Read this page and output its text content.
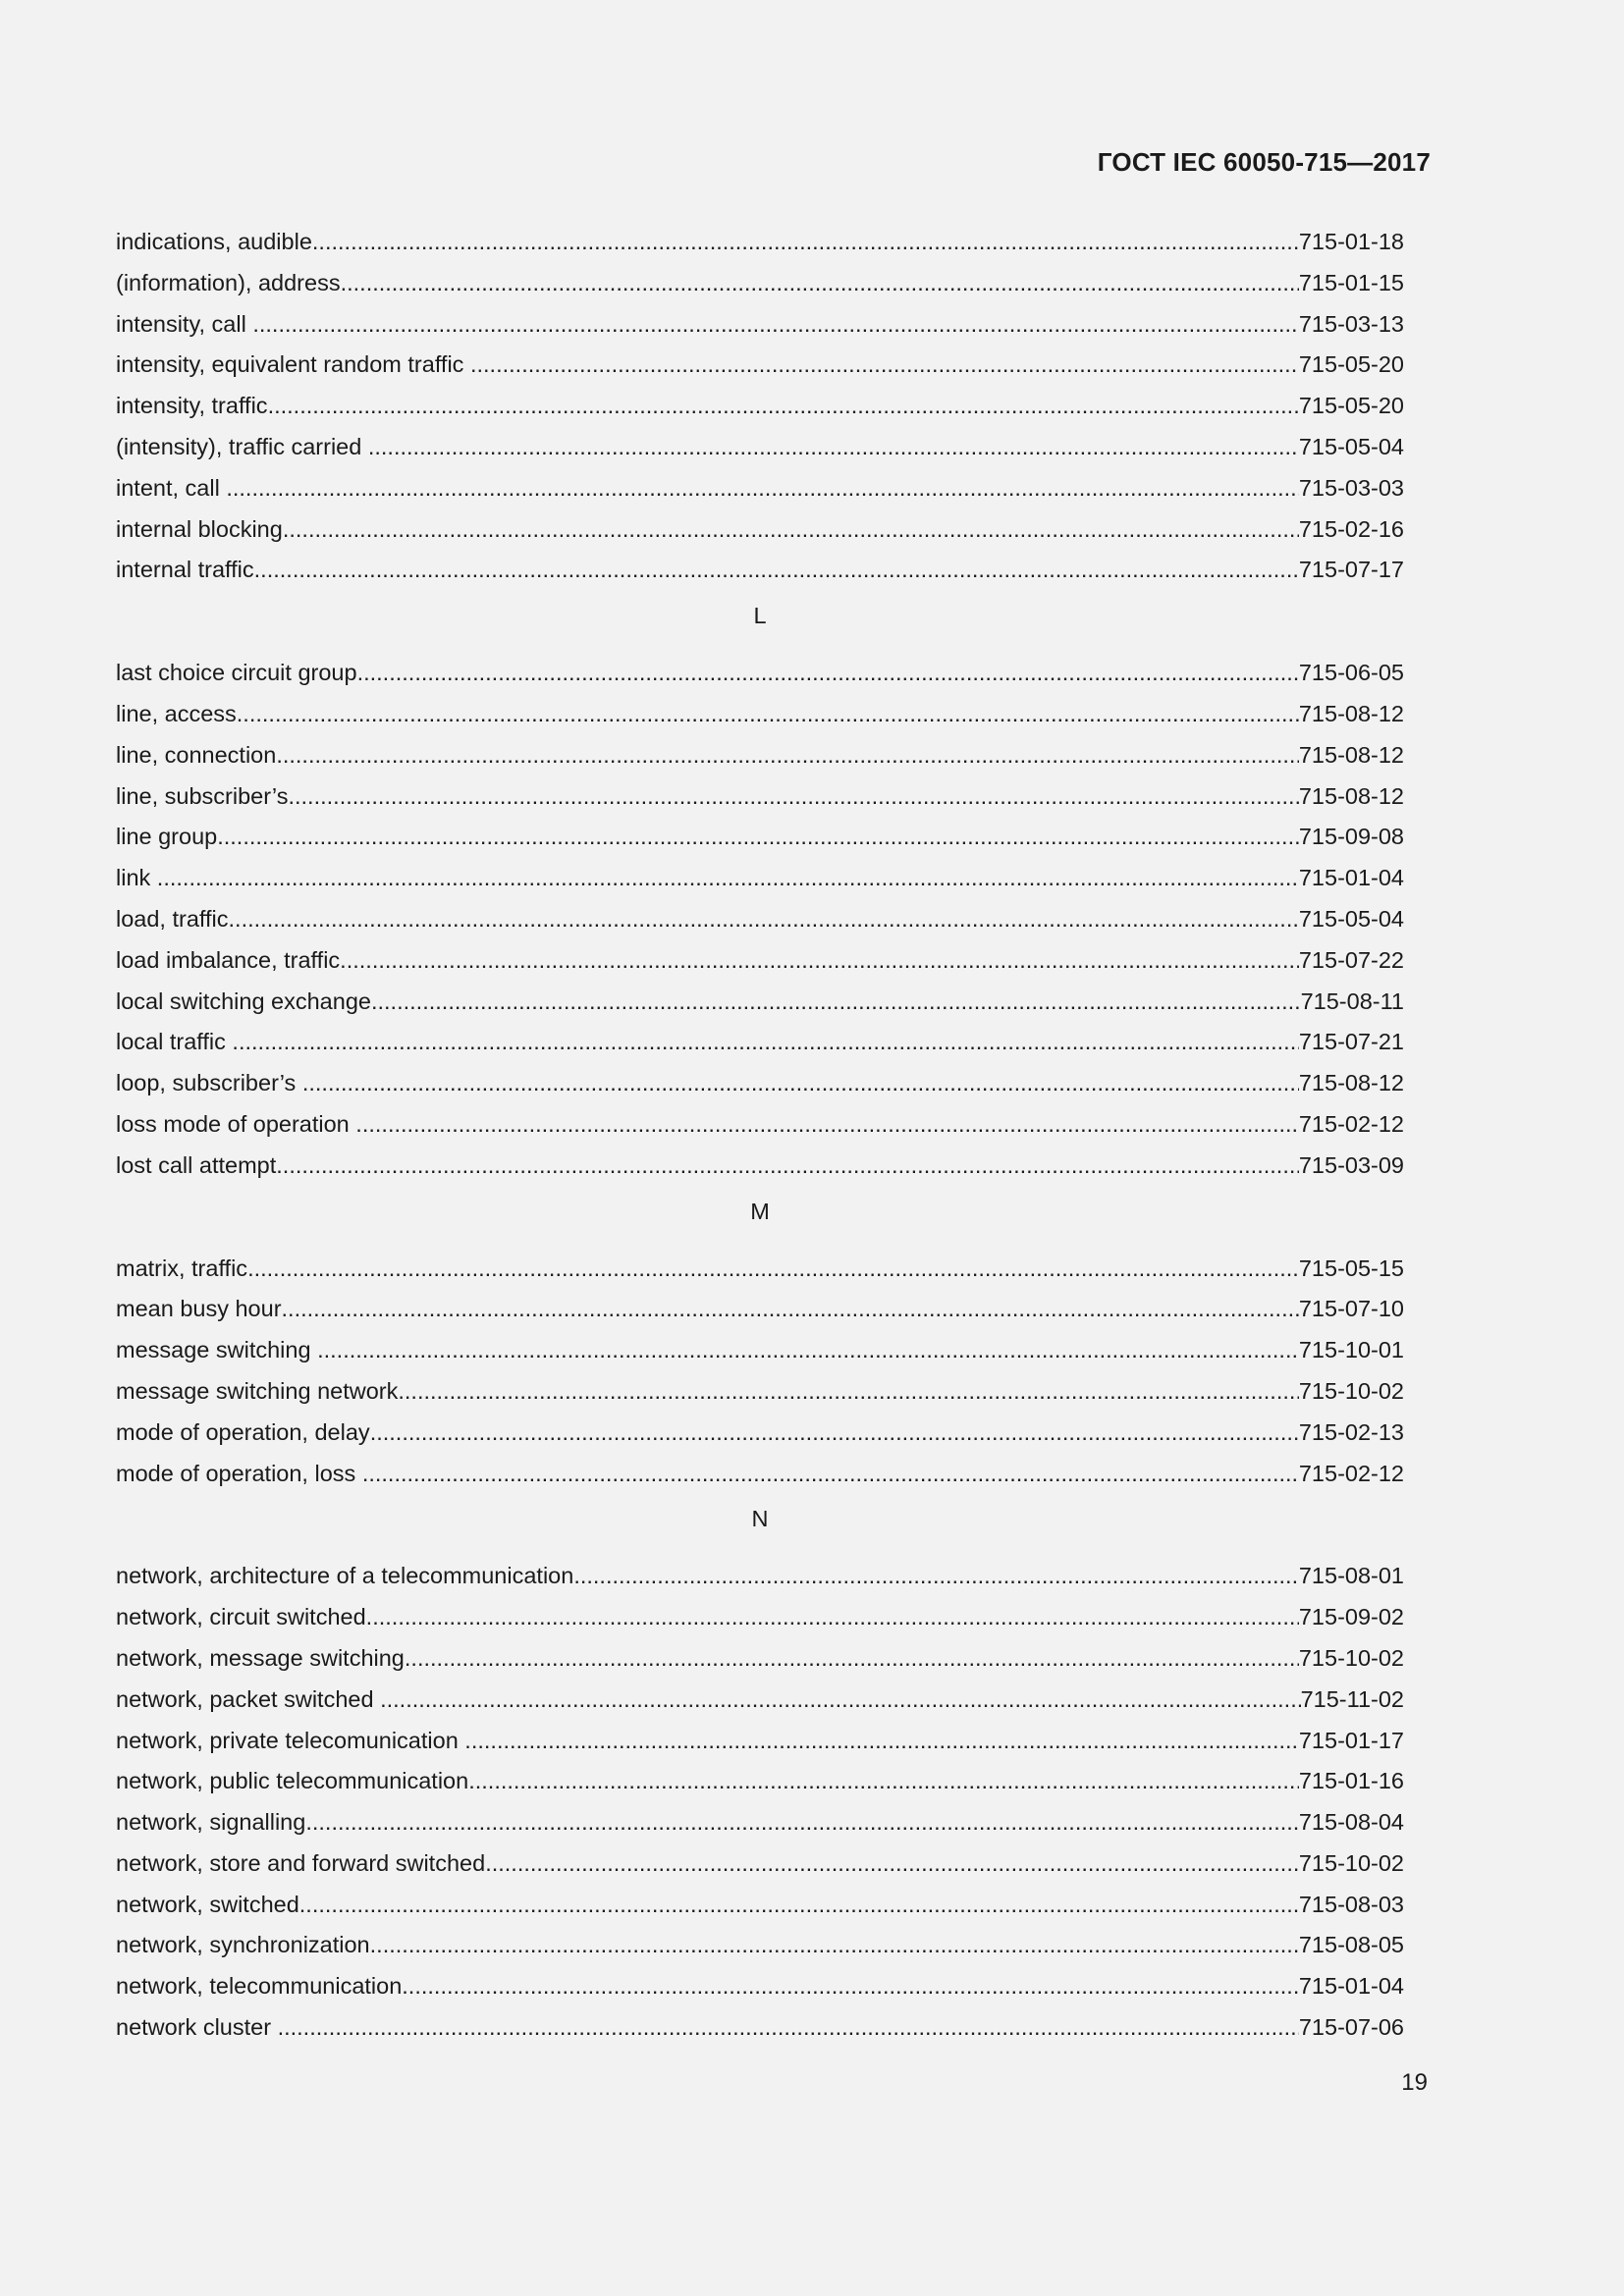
ГОСТ IEC 60050-715—2017
indications, audible .....	715-01-18
(information), address .....	715-01-15
intensity, call .....	715-03-13
intensity, equivalent random traffic .....	715-05-20
intensity, traffic .....	715-05-20
(intensity), traffic carried .....	715-05-04
intent, call .....	715-03-03
internal blocking .....	715-02-16
internal traffic .....	715-07-17
L
last choice circuit group .....	715-06-05
line, access .....	715-08-12
line, connection .....	715-08-12
line, subscriber’s .....	715-08-12
line group .....	715-09-08
link .....	715-01-04
load, traffic .....	715-05-04
load imbalance, traffic .....	715-07-22
local switching exchange .....	715-08-11
local traffic .....	715-07-21
loop, subscriber’s .....	715-08-12
loss mode of operation .....	715-02-12
lost call attempt .....	715-03-09
M
matrix, traffic .....	715-05-15
mean busy hour .....	715-07-10
message switching .....	715-10-01
message switching network .....	715-10-02
mode of operation, delay .....	715-02-13
mode of operation, loss .....	715-02-12
N
network, architecture of a telecommunication .....	715-08-01
network, circuit switched .....	715-09-02
network, message switching .....	715-10-02
network, packet switched .....	715-11-02
network, private telecomunication .....	715-01-17
network, public telecommunication .....	715-01-16
network, signalling .....	715-08-04
network, store and forward switched .....	715-10-02
network, switched .....	715-08-03
network, synchronization .....	715-08-05
network, telecommunication .....	715-01-04
network cluster .....	715-07-06
19
